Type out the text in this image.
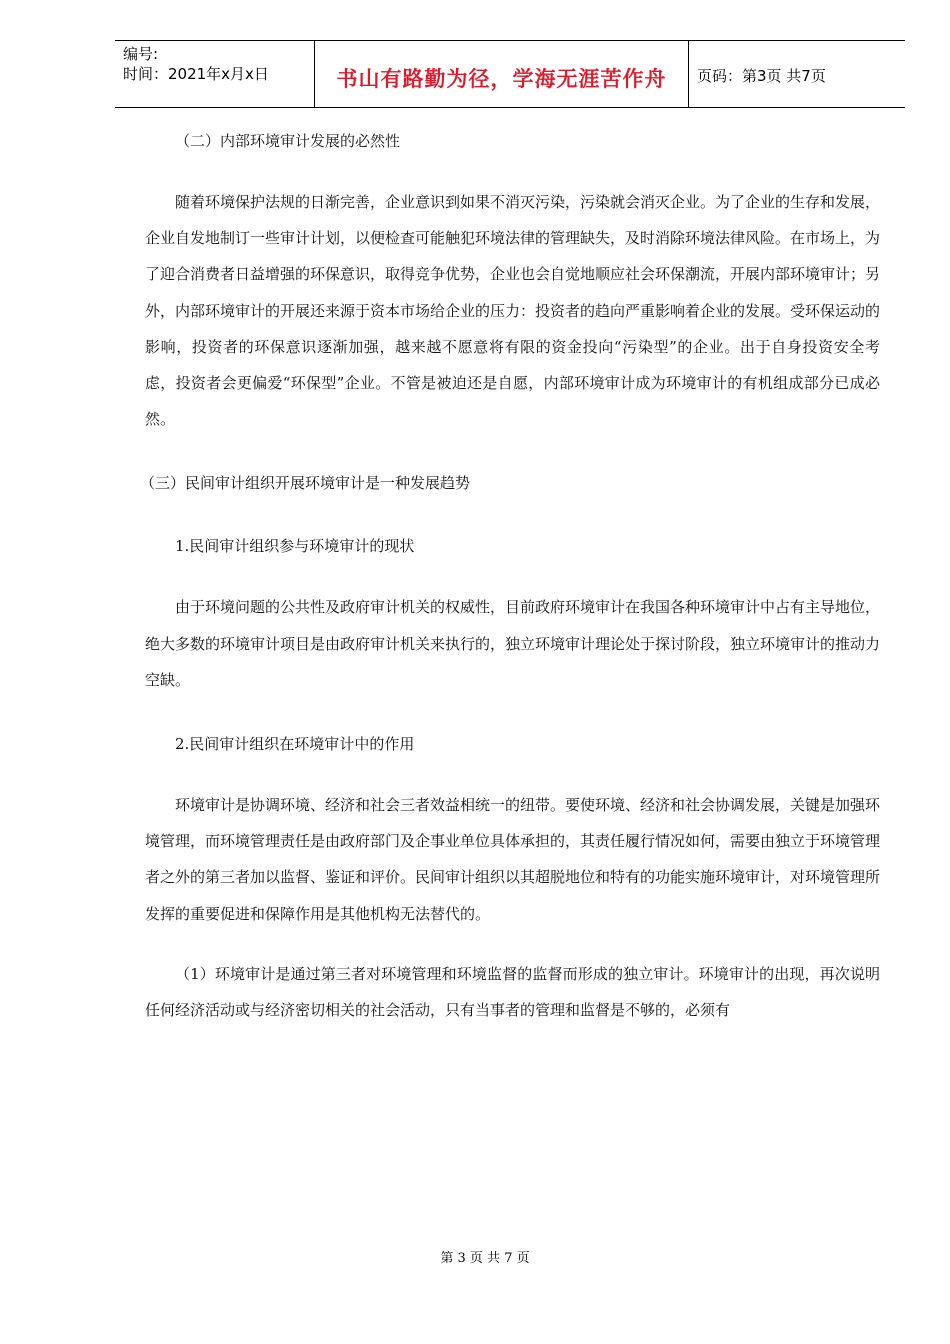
编号:
时间：2021年x月x日	书山有路勤为径，学海无涯苦作舟	页码：第3页 共7页

（二）内部环境审计发展的必然性

随着环境保护法规的日渐完善，企业意识到如果不消灭污染，污染就会消灭企业。为了企业的生存和发展，企业自发地制订一些审计计划，以便检查可能触犯环境法律的管理缺失，及时消除环境法律风险。在市场上，为了迎合消费者日益增强的环保意识，取得竞争优势，企业也会自觉地顺应社会环保潮流，开展内部环境审计；另外，内部环境审计的开展还来源于资本市场给企业的压力：投资者的趋向严重影响着企业的发展。受环保运动的影响，投资者的环保意识逐渐加强，越来越不愿意将有限的资金投向“污染型”的企业。出于自身投资安全考虑，投资者会更偏爱“环保型”企业。不管是被迫还是自愿，内部环境审计成为环境审计的有机组成部分已成必然。

（三）民间审计组织开展环境审计是一种发展趋势

1.民间审计组织参与环境审计的现状

由于环境问题的公共性及政府审计机关的权威性，目前政府环境审计在我国各种环境审计中占有主导地位，绝大多数的环境审计项目是由政府审计机关来执行的，独立环境审计理论处于探讨阶段，独立环境审计的推动力空缺。

2.民间审计组织在环境审计中的作用

环境审计是协调环境、经济和社会三者效益相统一的纽带。要使环境、经济和社会协调发展，关键是加强环境管理，而环境管理责任是由政府部门及企事业单位具体承担的，其责任履行情况如何，需要由独立于环境管理者之外的第三者加以监督、鉴证和评价。民间审计组织以其超脱地位和特有的功能实施环境审计，对环境管理所发挥的重要促进和保障作用是其他机构无法替代的。

（1）环境审计是通过第三者对环境管理和环境监督的监督而形成的独立审计。环境审计的出现，再次说明任何经济活动或与经济密切相关的社会活动，只有当事者的管理和监督是不够的，必须有

第 3 页 共 7 页
